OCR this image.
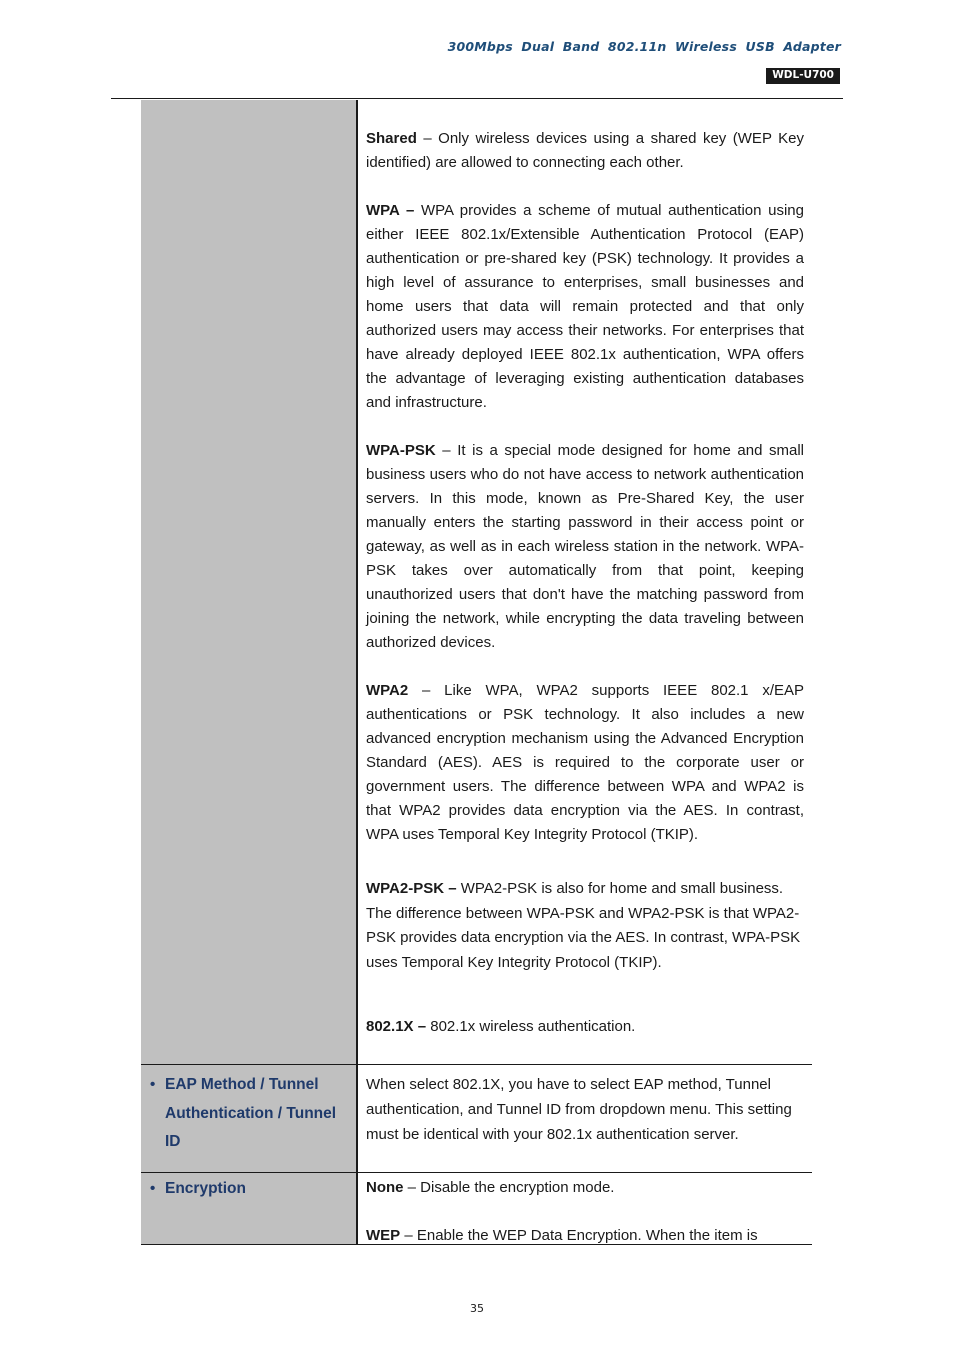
300Mbps Dual Band 802.11n Wireless USB Adapter
WDL-U700

Shared – Only wireless devices using a shared key (WEP Key identified) are allowed to connecting each other.

WPA – WPA provides a scheme of mutual authentication using either IEEE 802.1x/Extensible Authentication Protocol (EAP) authentication or pre-shared key (PSK) technology. It provides a high level of assurance to enterprises, small businesses and home users that data will remain protected and that only authorized users may access their networks. For enterprises that have already deployed IEEE 802.1x authentication, WPA offers the advantage of leveraging existing authentication databases and infrastructure.

WPA-PSK – It is a special mode designed for home and small business users who do not have access to network authentication servers. In this mode, known as Pre-Shared Key, the user manually enters the starting password in their access point or gateway, as well as in each wireless station in the network. WPA-PSK takes over automatically from that point, keeping unauthorized users that don't have the matching password from joining the network, while encrypting the data traveling between authorized devices.

WPA2 – Like WPA, WPA2 supports IEEE 802.1 x/EAP authentications or PSK technology. It also includes a new advanced encryption mechanism using the Advanced Encryption Standard (AES). AES is required to the corporate user or government users. The difference between WPA and WPA2 is that WPA2 provides data encryption via the AES. In contrast, WPA uses Temporal Key Integrity Protocol (TKIP).

WPA2-PSK – WPA2-PSK is also for home and small business. The difference between WPA-PSK and WPA2-PSK is that WPA2-PSK provides data encryption via the AES. In contrast, WPA-PSK uses Temporal Key Integrity Protocol (TKIP).

802.1X – 802.1x wireless authentication.

• EAP Method / Tunnel Authentication / Tunnel ID

When select 802.1X, you have to select EAP method, Tunnel authentication, and Tunnel ID from dropdown menu. This setting must be identical with your 802.1x authentication server.

• Encryption	None – Disable the encryption mode.

WEP – Enable the WEP Data Encryption. When the item is

35
